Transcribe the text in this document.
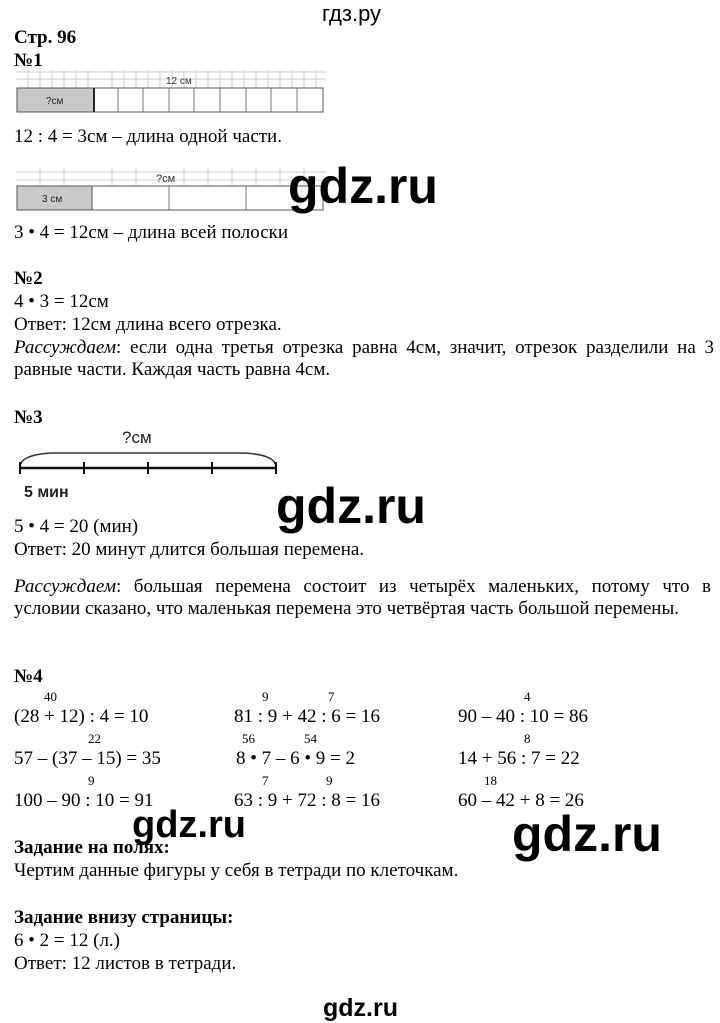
гдз.ру
Стр. 96
№1
12 см
?см
12 : 4 = 3см – длина одной части.
?см
3 см
3 • 4 = 12см – длина всей полоски
gdz.ru
№2
4 • 3 = 12см
Ответ: 12см длина всего отрезка.
Рассуждаем: если одна третья отрезка равна 4см, значит, отрезок разделили на 3 равные части. Каждая часть равна 4см.
№3
?см
5 мин	gdz.ru
5 • 4 = 20 (мин)
Ответ: 20 минут длится большая перемена.
Рассуждаем: большая перемена состоит из четырёх маленьких, потому что в условии сказано, что маленькая перемена это четвёртая часть большой перемены.
№4
40
(28 + 12) : 4 = 10
9	7
81 : 9 + 42 : 6 = 16
4
90 – 40 : 10 = 86
22
57 – (37 – 15) = 35
56	54
8 • 7 – 6 • 9 = 2
8
14 + 56 : 7 = 22
9
100 – 90 : 10 = 91
7	9
63 : 9 + 72 : 8 = 16
18
60 – 42 + 8 = 26
gdz.ru	gdz.ru
Задание на полях:
Чертим данные фигуры у себя в тетради по клеточкам.
Задание внизу страницы:
6 • 2 = 12 (л.)
Ответ: 12 листов в тетради.
gdz.ru
